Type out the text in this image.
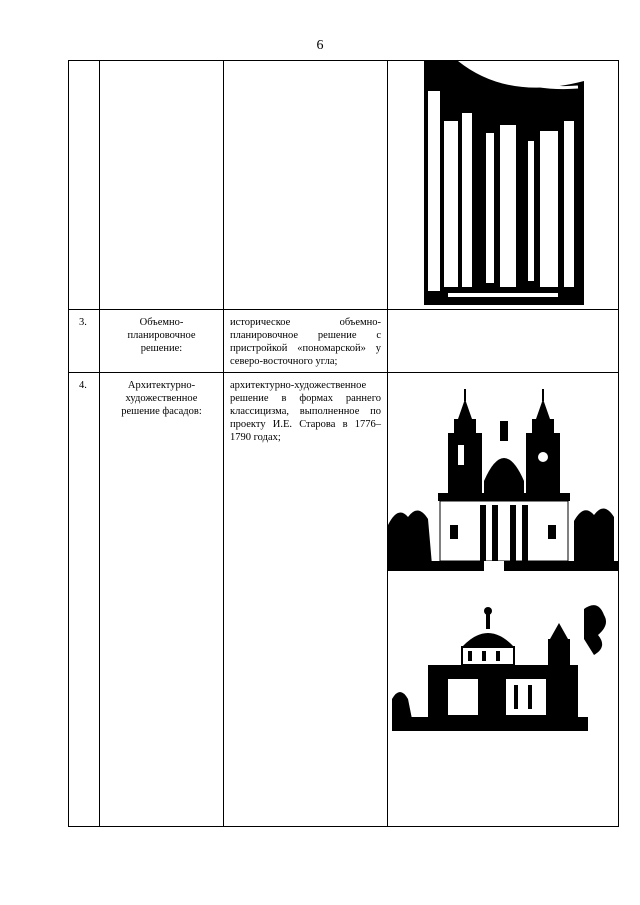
6

3.	Объемно-планировочное решение:	историческое объемно-планировочное решение с пристройкой «пономарской» у северо-восточного угла;	

4.	Архитектурно-художественное решение фасадов:	архитектурно-художественное решение в формах раннего классицизма, выполненное по проекту И.Е. Старова в 1776–1790 годах;
